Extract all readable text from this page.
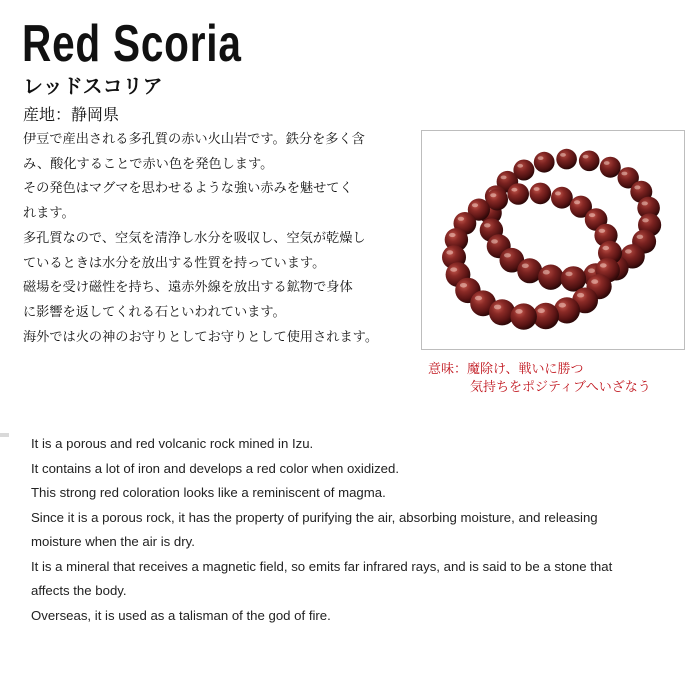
Red Scoria
レッドスコリア
産地：静岡県
伊豆で産出される多孔質の赤い火山岩です。鉄分を多く含
み、酸化することで赤い色を発色します。
その発色はマグマを思わせるような強い赤みを魅せてく
れます。
多孔質なので、空気を清浄し水分を吸収し、空気が乾燥し
ているときは水分を放出する性質を持っています。
磁場を受け磁性を持ち、遠赤外線を放出する鉱物で身体
に影響を返してくれる石といわれています。
海外では火の神のお守りとしてお守りとして使用されます。
意味：魔除け、戦いに勝つ
気持ちをポジティブへいざなう
It is a porous and red volcanic rock mined in Izu.
It contains a lot of iron and develops a red color when oxidized.
This strong red coloration looks like a reminiscent of magma.
Since it is a porous rock, it has the property of purifying the air, absorbing moisture, and releasing
moisture when the air is dry.
It is a mineral that receives a magnetic field, so emits far infrared rays, and is said to be a stone that
affects the body.
Overseas, it is used as a talisman of the god of fire.
